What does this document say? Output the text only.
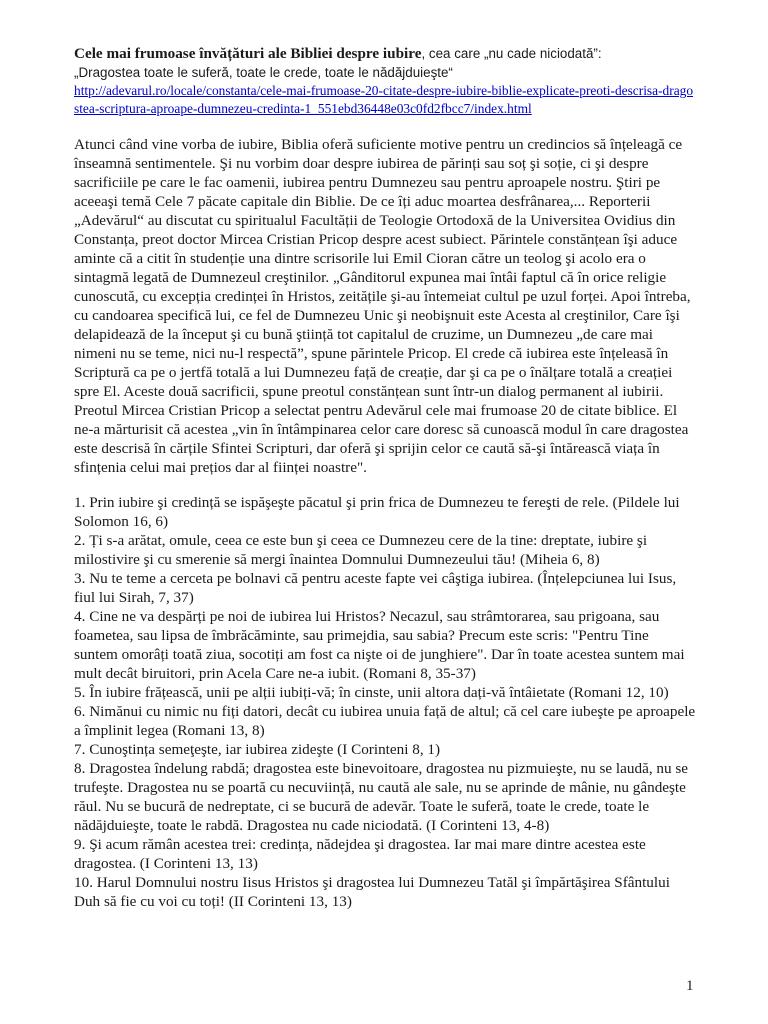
Cele mai frumoase învățături ale Bibliei despre iubire, cea care „nu cade niciodată”:
„Dragostea toate le suferă, toate le crede, toate le nădăjduieşte“
http://adevarul.ro/locale/constanta/cele-mai-frumoase-20-citate-despre-iubire-biblie-explicate-preoti-descrisa-dragostea-scriptura-aproape-dumnezeu-credinta-1_551ebd36448e03c0fd2fbcc7/index.html

Atunci când vine vorba de iubire, Biblia oferă suficiente motive pentru un credincios să înțeleagă ce înseamnă sentimentele. Şi nu vorbim doar despre iubirea de părinți sau soț şi soție, ci şi despre sacrificiile pe care le fac oamenii, iubirea pentru Dumnezeu sau pentru aproapele nostru. Ştiri pe aceeaşi temă Cele 7 păcate capitale din Biblie. De ce îți aduc moartea desfrânarea,... Reporterii „Adevărul“ au discutat cu spiritualul Facultății de Teologie Ortodoxă de la Universitea Ovidius din Constanța, preot doctor Mircea Cristian Pricop despre acest subiect. Părintele constănțean îşi aduce aminte că a citit în studenție una dintre scrisorile lui Emil Cioran către un teolog şi acolo era o sintagmă legată de Dumnezeul creştinilor. „Gânditorul expunea mai întâi faptul că în orice religie cunoscută, cu excepția credinței în Hristos, zeitățile şi-au întemeiat cultul pe uzul forței. Apoi întreba, cu candoarea specifică lui, ce fel de Dumnezeu Unic şi neobişnuit este Acesta al creştinilor, Care îşi delapidează de la început şi cu bună ştiință tot capitalul de cruzime, un Dumnezeu „de care mai nimeni nu se teme, nici nu-l respectă”, spune părintele Pricop. El crede că iubirea este înțeleasă în Scriptură ca pe o jertfă totală a lui Dumnezeu față de creație, dar şi ca pe o înălțare totală a creației spre El. Aceste două sacrificii, spune preotul constănțean sunt într-un dialog permanent al iubirii. Preotul Mircea Cristian Pricop a selectat pentru Adevărul cele mai frumoase 20 de citate biblice. El ne-a mărturisit că acestea „vin în întâmpinarea celor care doresc să cunoască modul în care dragostea este descrisă în cărțile Sfintei Scripturi, dar oferă şi sprijin celor ce caută să-şi întărească viața în sfințenia celui mai prețios dar al ființei noastre".

1. Prin iubire şi credință se ispăşeşte păcatul şi prin frica de Dumnezeu te fereşti de rele. (Pildele lui Solomon 16, 6)

2. Ți s-a arătat, omule, ceea ce este bun şi ceea ce Dumnezeu cere de la tine: dreptate, iubire şi milostivire şi cu smerenie să mergi înaintea Domnului Dumnezeului tău! (Miheia 6, 8)

3. Nu te teme a cerceta pe bolnavi că pentru aceste fapte vei câştiga iubirea. (Înțelepciunea lui Isus, fiul lui Sirah, 7, 37)

4. Cine ne va despărți pe noi de iubirea lui Hristos? Necazul, sau strâmtorarea, sau prigoana, sau foametea, sau lipsa de îmbrăcăminte, sau primejdia, sau sabia? Precum este scris: "Pentru Tine suntem omorâți toată ziua, socotiți am fost ca nişte oi de junghiere". Dar în toate acestea suntem mai mult decât biruitori, prin Acela Care ne-a iubit. (Romani 8, 35-37)

5. În iubire frățească, unii pe alții iubiți-vă; în cinste, unii altora dați-vă întâietate (Romani 12, 10)

6. Nimănui cu nimic nu fiți datori, decât cu iubirea unuia față de altul; că cel care iubeşte pe aproapele a împlinit legea (Romani 13, 8)

7. Cunoştința semeţeşte, iar iubirea zideşte (I Corinteni 8, 1)

8. Dragostea îndelung rabdă; dragostea este binevoitoare, dragostea nu pizmuieşte, nu se laudă, nu se trufeşte. Dragostea nu se poartă cu necuviință, nu caută ale sale, nu se aprinde de mânie, nu gândeşte răul. Nu se bucură de nedreptate, ci se bucură de adevăr. Toate le suferă, toate le crede, toate le nădăjduieşte, toate le rabdă. Dragostea nu cade niciodată. (I Corinteni 13, 4-8)

9. Şi acum rămân acestea trei: credința, nădejdea şi dragostea. Iar mai mare dintre acestea este dragostea. (I Corinteni 13, 13)

10. Harul Domnului nostru Iisus Hristos şi dragostea lui Dumnezeu Tatăl şi împărtăşirea Sfântului Duh să fie cu voi cu toți! (II Corinteni 13, 13)

1
